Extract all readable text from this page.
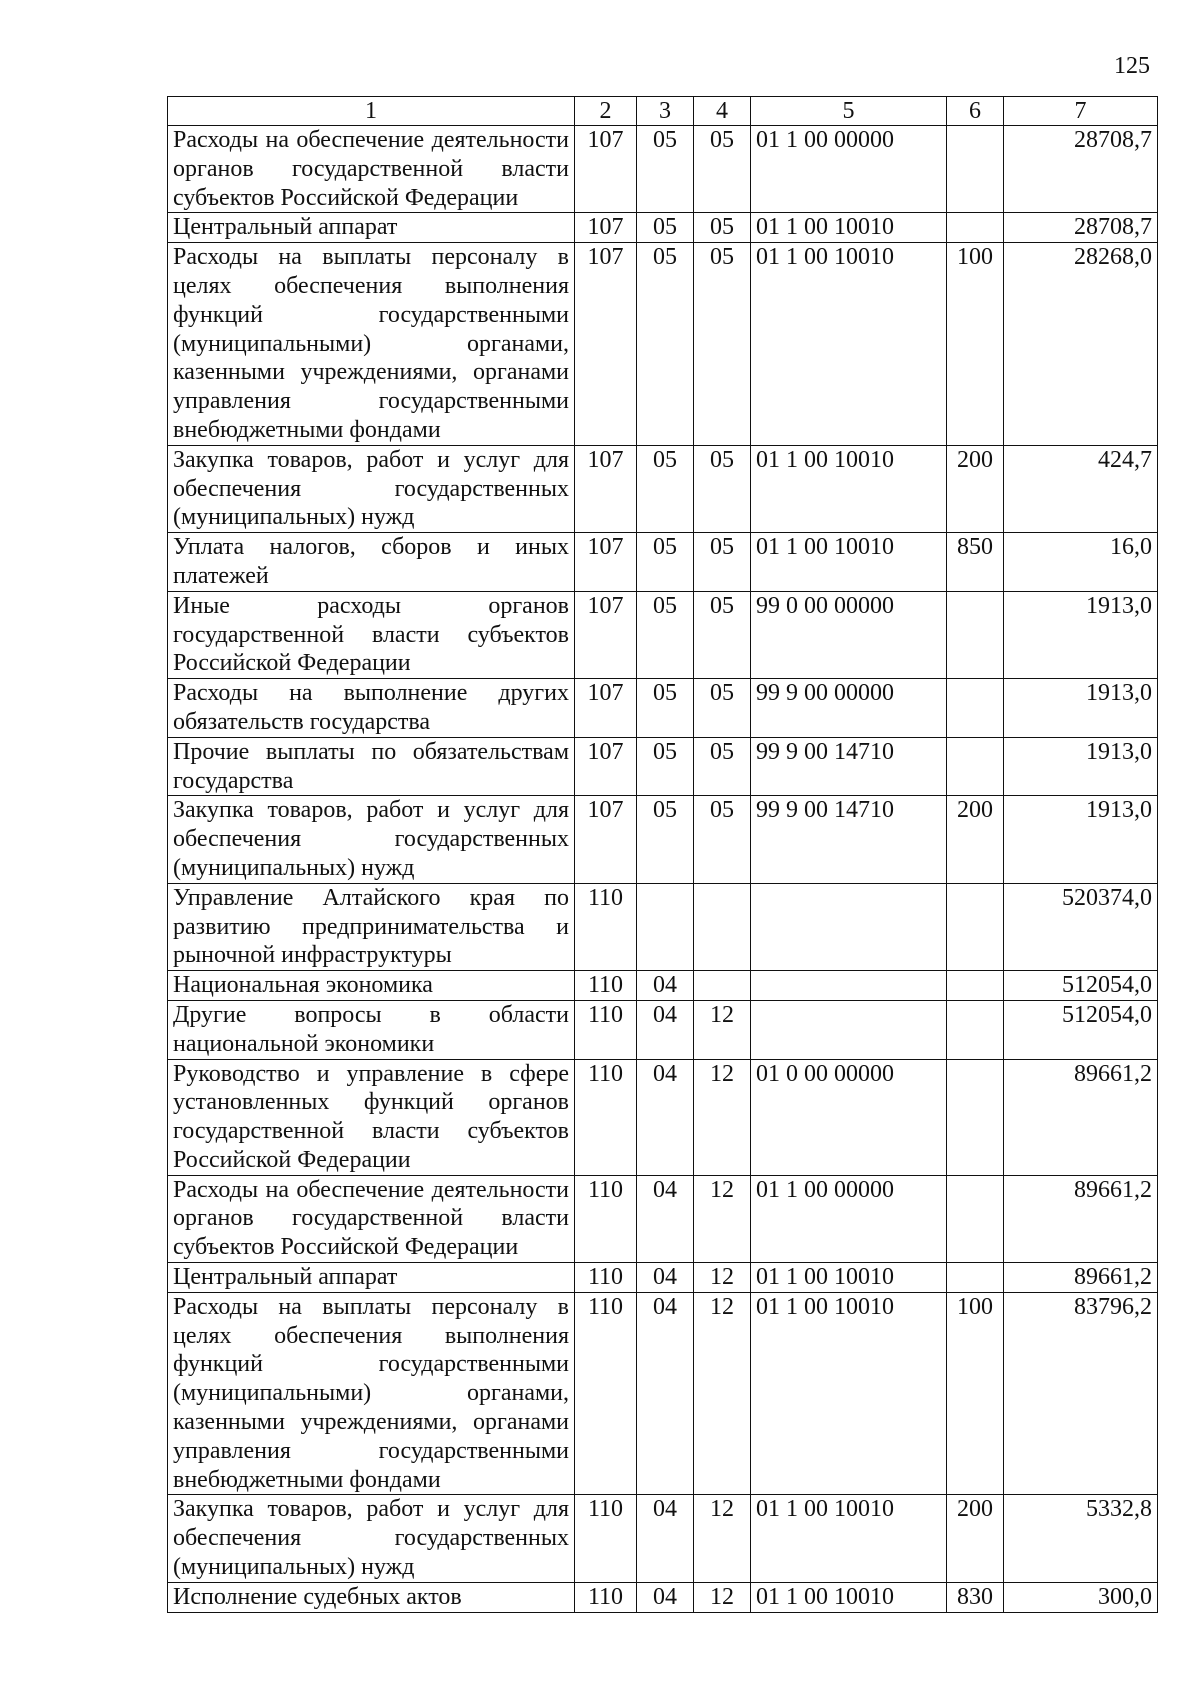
125
1	2	3	4	5	6	7
Расходы на обеспечение деятельности органов государственной власти субъектов Российской Федерации	107	05	05	01 1 00 00000		28708,7
Центральный аппарат	107	05	05	01 1 00 10010		28708,7
Расходы на выплаты персоналу в целях обеспечения выполнения функций государственными (муниципальными) органами, казенными учреждениями, органами управления государственными внебюджетными фондами	107	05	05	01 1 00 10010	100	28268,0
Закупка товаров, работ и услуг для обеспечения государственных (муниципальных) нужд	107	05	05	01 1 00 10010	200	424,7
Уплата налогов, сборов и иных платежей	107	05	05	01 1 00 10010	850	16,0
Иные расходы органов государственной власти субъектов Российской Федерации	107	05	05	99 0 00 00000		1913,0
Расходы на выполнение других обязательств государства	107	05	05	99 9 00 00000		1913,0
Прочие выплаты по обязательствам государства	107	05	05	99 9 00 14710		1913,0
Закупка товаров, работ и услуг для обеспечения государственных (муниципальных) нужд	107	05	05	99 9 00 14710	200	1913,0
Управление Алтайского края по развитию предпринимательства и рыночной инфраструктуры	110					520374,0
Национальная экономика	110	04				512054,0
Другие вопросы в области национальной экономики	110	04	12			512054,0
Руководство и управление в сфере установленных функций органов государственной власти субъектов Российской Федерации	110	04	12	01 0 00 00000		89661,2
Расходы на обеспечение деятельности органов государственной власти субъектов Российской Федерации	110	04	12	01 1 00 00000		89661,2
Центральный аппарат	110	04	12	01 1 00 10010		89661,2
Расходы на выплаты персоналу в целях обеспечения выполнения функций государственными (муниципальными) органами, казенными учреждениями, органами управления государственными внебюджетными фондами	110	04	12	01 1 00 10010	100	83796,2
Закупка товаров, работ и услуг для обеспечения государственных (муниципальных) нужд	110	04	12	01 1 00 10010	200	5332,8
Исполнение судебных актов	110	04	12	01 1 00 10010	830	300,0
